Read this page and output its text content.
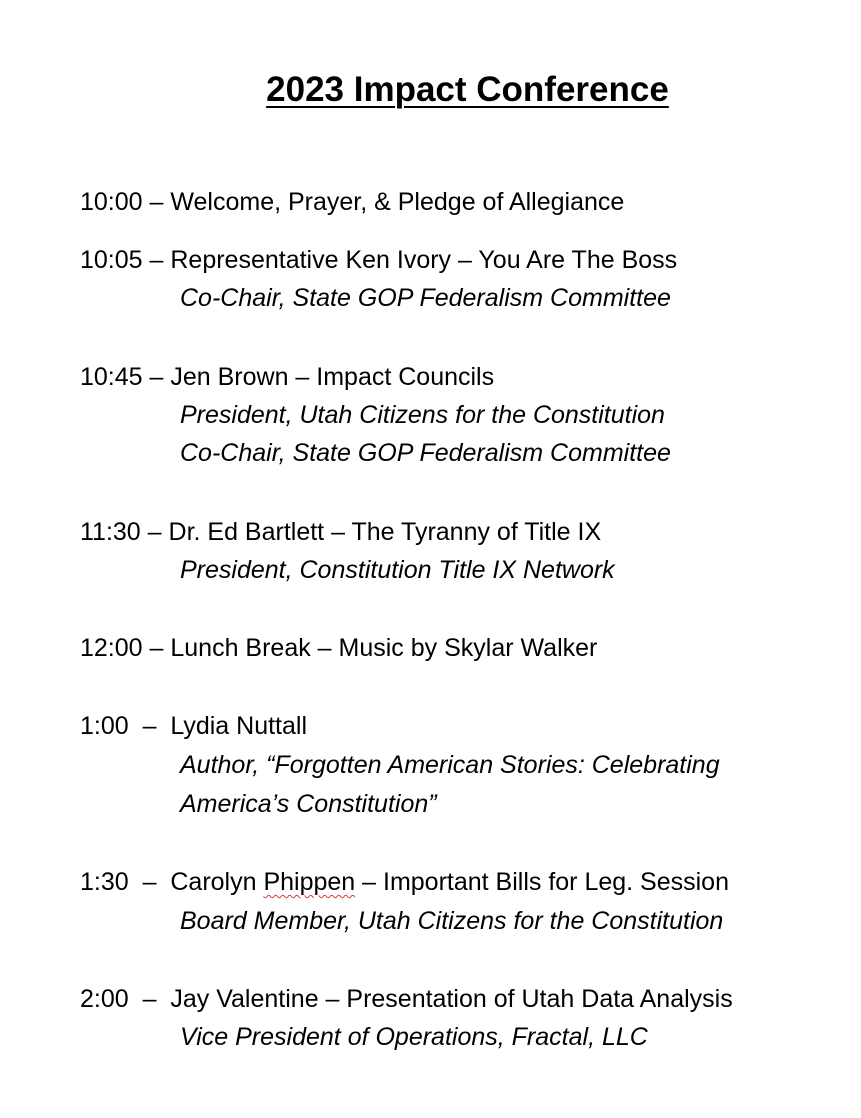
2023 Impact Conference
10:00 – Welcome, Prayer, & Pledge of Allegiance
10:05 – Representative Ken Ivory – You Are The Boss
Co-Chair, State GOP Federalism Committee
10:45 – Jen Brown – Impact Councils
President, Utah Citizens for the Constitution
Co-Chair, State GOP Federalism Committee
11:30 – Dr. Ed Bartlett – The Tyranny of Title IX
President, Constitution Title IX Network
12:00 – Lunch Break – Music by Skylar Walker
1:00  –  Lydia Nuttall
Author, “Forgotten American Stories: Celebrating
America’s Constitution”
1:30  –  Carolyn Phippen – Important Bills for Leg. Session
Board Member, Utah Citizens for the Constitution
2:00  –  Jay Valentine – Presentation of Utah Data Analysis
Vice President of Operations, Fractal, LLC
